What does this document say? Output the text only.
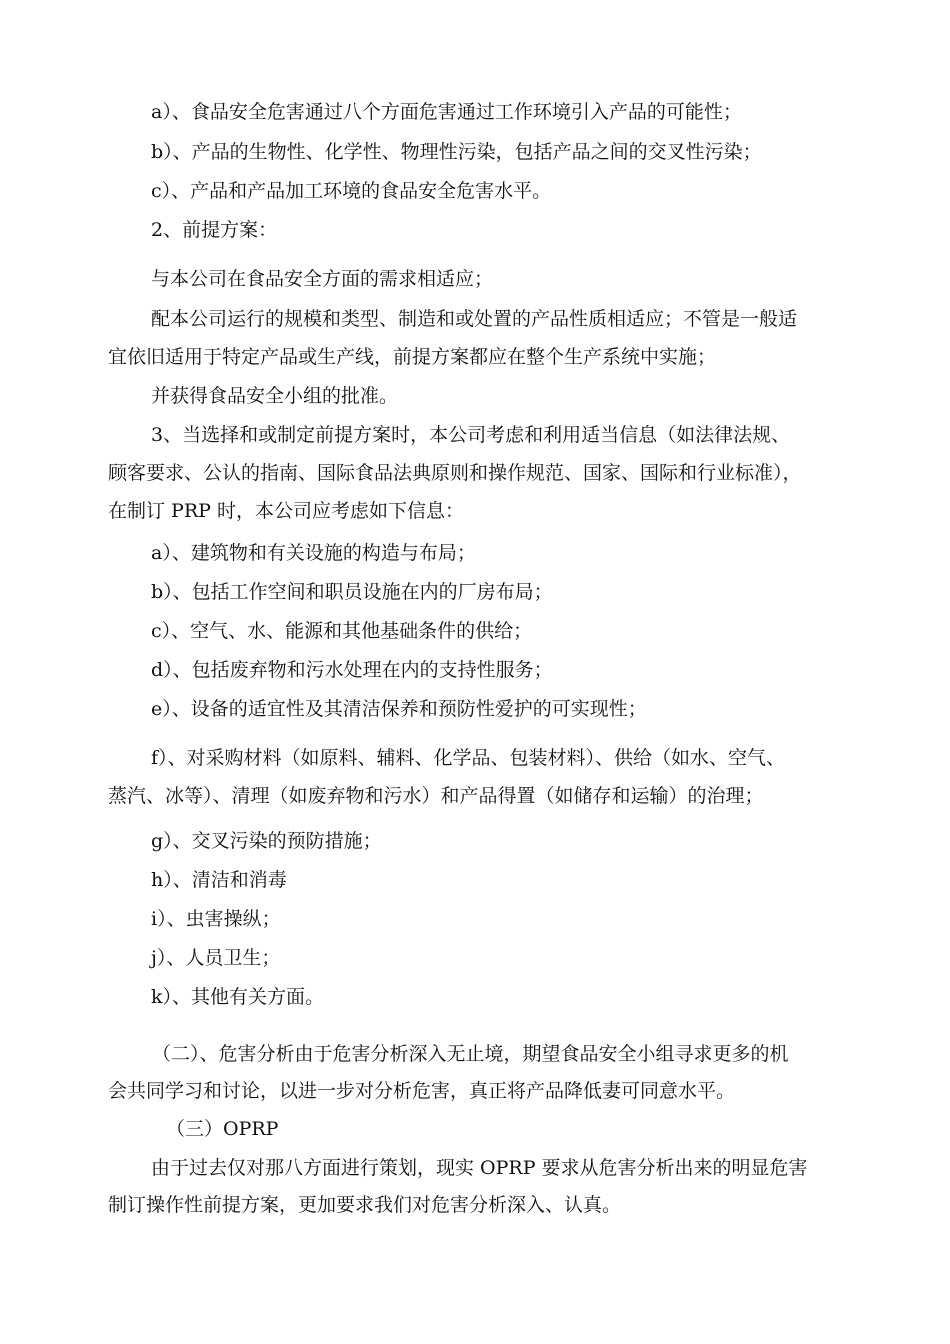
a）、食品安全危害通过八个方面危害通过工作环境引入产品的可能性；
b）、产品的生物性、化学性、物理性污染，包括产品之间的交叉性污染；
c）、产品和产品加工环境的食品安全危害水平。
2、前提方案：
与本公司在食品安全方面的需求相适应；
配本公司运行的规模和类型、制造和或处置的产品性质相适应；不管是一般适
宜依旧适用于特定产品或生产线，前提方案都应在整个生产系统中实施；
并获得食品安全小组的批准。
3、当选择和或制定前提方案时，本公司考虑和利用适当信息（如法律法规、
顾客要求、公认的指南、国际食品法典原则和操作规范、国家、国际和行业标准），
在制订 PRP 时，本公司应考虑如下信息：
a）、建筑物和有关设施的构造与布局；
b）、包括工作空间和职员设施在内的厂房布局；
c）、空气、水、能源和其他基础条件的供给；
d）、包括废弃物和污水处理在内的支持性服务；
e）、设备的适宜性及其清洁保养和预防性爱护的可实现性；
f）、对采购材料（如原料、辅料、化学品、包装材料）、供给（如水、空气、
蒸汽、冰等）、清理（如废弃物和污水）和产品得置（如储存和运输）的治理；
g）、交叉污染的预防措施；
h）、清洁和消毒
i）、虫害操纵；
j）、人员卫生；
k）、其他有关方面。
（二）、危害分析由于危害分析深入无止境，期望食品安全小组寻求更多的机
会共同学习和讨论，以进一步对分析危害，真正将产品降低妻可同意水平。
（三）OPRP
由于过去仅对那八方面进行策划，现实 OPRP 要求从危害分析出来的明显危害
制订操作性前提方案，更加要求我们对危害分析深入、认真。
